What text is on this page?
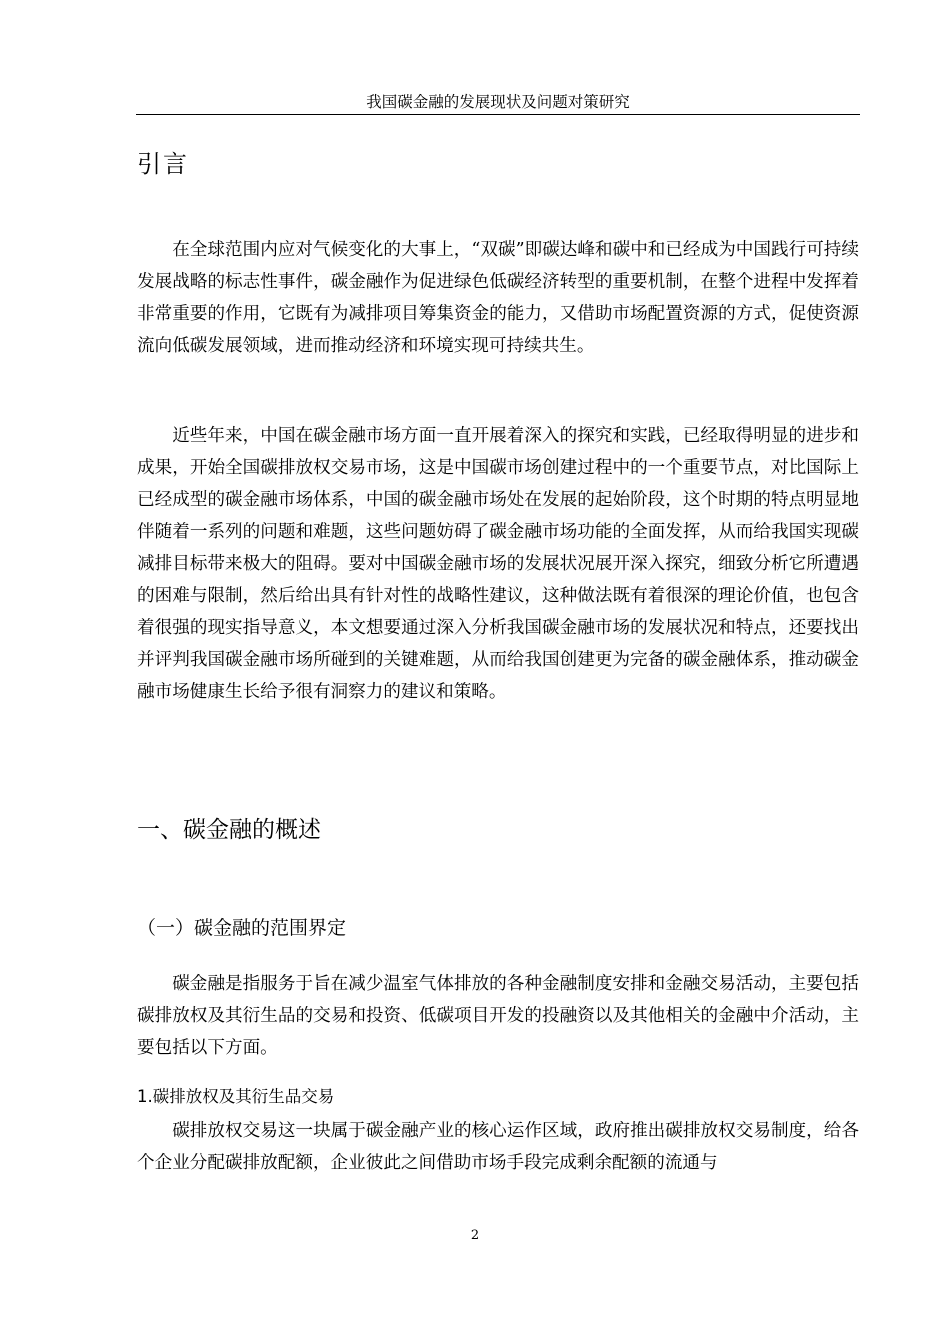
我国碳金融的发展现状及问题对策研究
引言

在全球范围内应对气候变化的大事上，“双碳”即碳达峰和碳中和已经成为中国践行可持续发展战略的标志性事件，碳金融作为促进绿色低碳经济转型的重要机制，在整个进程中发挥着非常重要的作用，它既有为减排项目筹集资金的能力，又借助市场配置资源的方式，促使资源流向低碳发展领域，进而推动经济和环境实现可持续共生。

近些年来，中国在碳金融市场方面一直开展着深入的探究和实践，已经取得明显的进步和成果，开始全国碳排放权交易市场，这是中国碳市场创建过程中的一个重要节点，对比国际上已经成型的碳金融市场体系，中国的碳金融市场处在发展的起始阶段，这个时期的特点明显地伴随着一系列的问题和难题，这些问题妨碍了碳金融市场功能的全面发挥，从而给我国实现碳减排目标带来极大的阻碍。要对中国碳金融市场的发展状况展开深入探究，细致分析它所遭遇的困难与限制，然后给出具有针对性的战略性建议，这种做法既有着很深的理论价值，也包含着很强的现实指导意义，本文想要通过深入分析我国碳金融市场的发展状况和特点，还要找出并评判我国碳金融市场所碰到的关键难题，从而给我国创建更为完备的碳金融体系，推动碳金融市场健康生长给予很有洞察力的建议和策略。

一、碳金融的概述
（一）碳金融的范围界定

碳金融是指服务于旨在减少温室气体排放的各种金融制度安排和金融交易活动，主要包括碳排放权及其衍生品的交易和投资、低碳项目开发的投融资以及其他相关的金融中介活动，主要包括以下方面。

1.碳排放权及其衍生品交易

碳排放权交易这一块属于碳金融产业的核心运作区域，政府推出碳排放权交易制度，给各个企业分配碳排放配额，企业彼此之间借助市场手段完成剩余配额的流通与

2
